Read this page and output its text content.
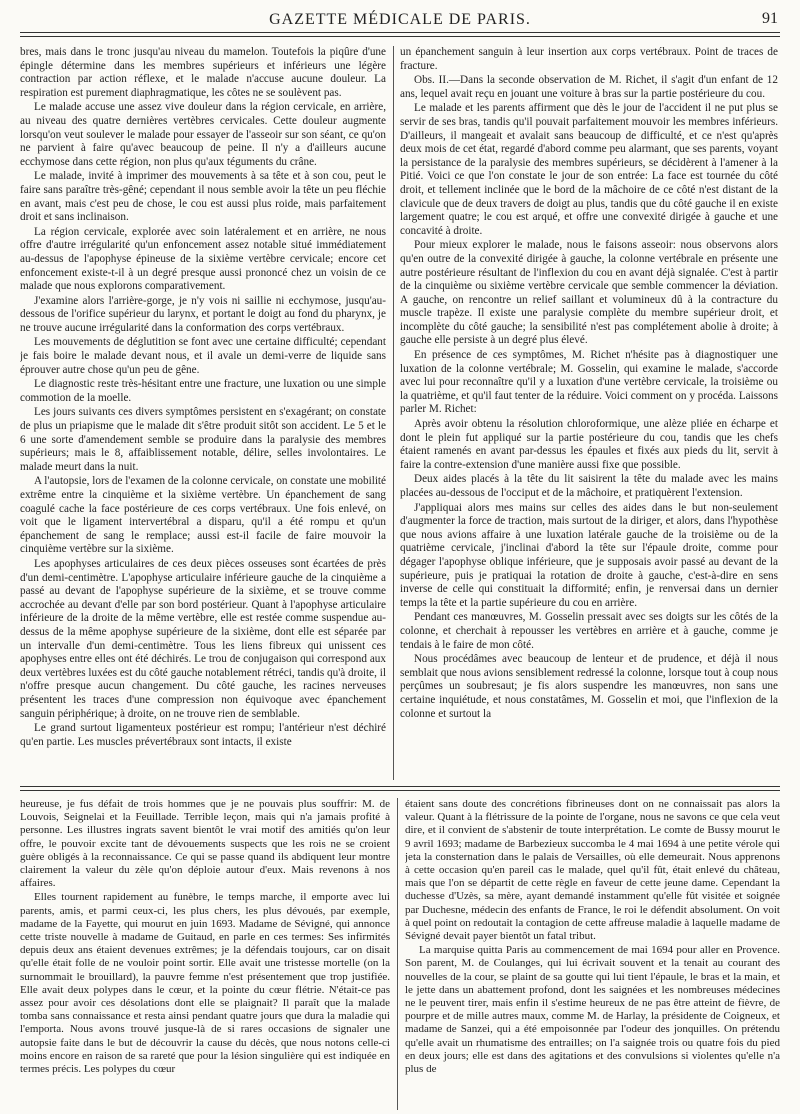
GAZETTE MÉDICALE DE PARIS.	91

bres, mais dans le tronc jusqu'au niveau du mamelon. Toutefois la piqûre d'une épingle détermine dans les membres supérieurs et inférieurs une légère contraction par action réflexe, et le malade n'accuse aucune douleur. La respiration est purement diaphragmatique, les côtes ne se soulèvent pas.

Le malade accuse une assez vive douleur dans la région cervicale, en arrière, au niveau des quatre dernières vertèbres cervicales. Cette douleur augmente lorsqu'on veut soulever le malade pour essayer de l'asseoir sur son séant, ce qu'on ne parvient à faire qu'avec beaucoup de peine. Il n'y a d'ailleurs aucune ecchymose dans cette région, non plus qu'aux téguments du crâne.

Le malade, invité à imprimer des mouvements à sa tête et à son cou, peut le faire sans paraître très-gêné; cependant il nous semble avoir la tête un peu fléchie en avant, mais c'est peu de chose, le cou est aussi plus roide, mais parfaitement droit et sans inclinaison.

La région cervicale, explorée avec soin latéralement et en arrière, ne nous offre d'autre irrégularité qu'un enfoncement assez notable situé immédiatement au-dessus de l'apophyse épineuse de la sixième vertèbre cervicale; encore cet enfoncement existe-t-il à un degré presque aussi prononcé chez un voisin de ce malade que nous explorons comparativement.

J'examine alors l'arrière-gorge, je n'y vois ni saillie ni ecchymose, jusqu'au-dessous de l'orifice supérieur du larynx, et portant le doigt au fond du pharynx, je ne trouve aucune irrégularité dans la conformation des corps vertébraux.

Les mouvements de déglutition se font avec une certaine difficulté; cependant je fais boire le malade devant nous, et il avale un demi-verre de liquide sans éprouver autre chose qu'un peu de gêne.

Le diagnostic reste très-hésitant entre une fracture, une luxation ou une simple commotion de la moelle.

Les jours suivants ces divers symptômes persistent en s'exagérant; on constate de plus un priapisme que le malade dit s'être produit sitôt son accident. Le 5 et le 6 une sorte d'amendement semble se produire dans la paralysie des membres supérieurs; mais le 8, affaiblissement notable, délire, selles involontaires. Le malade meurt dans la nuit.

A l'autopsie, lors de l'examen de la colonne cervicale, on constate une mobilité extrême entre la cinquième et la sixième vertèbre. Un épanchement de sang coagulé cache la face postérieure de ces corps vertébraux. Une fois enlevé, on voit que le ligament intervertébral a disparu, qu'il a été rompu et qu'un épanchement de sang le remplace; aussi est-il facile de faire mouvoir la cinquième vertèbre sur la sixième.

Les apophyses articulaires de ces deux pièces osseuses sont écartées de près d'un demi-centimètre. L'apophyse articulaire inférieure gauche de la cinquième a passé au devant de l'apophyse supérieure de la sixième, et se trouve comme accrochée au devant d'elle par son bord postérieur. Quant à l'apophyse articulaire inférieure de la droite de la même vertèbre, elle est restée comme suspendue au-dessus de la même apophyse supérieure de la sixième, dont elle est séparée par un intervalle d'un demi-centimètre. Tous les liens fibreux qui unissent ces apophyses entre elles ont été déchirés. Le trou de conjugaison qui correspond aux deux vertèbres luxées est du côté gauche notablement rétréci, tandis qu'à droite, il n'offre presque aucun changement. Du côté gauche, les racines nerveuses présentent les traces d'une compression non équivoque avec épanchement sanguin périphérique; à droite, on ne trouve rien de semblable.

Le grand surtout ligamenteux postérieur est rompu; l'antérieur n'est déchiré qu'en partie. Les muscles prévertébraux sont intacts, il existe

un épanchement sanguin à leur insertion aux corps vertébraux. Point de traces de fracture.

Obs. II.—Dans la seconde observation de M. Richet, il s'agit d'un enfant de 12 ans, lequel avait reçu en jouant une voiture à bras sur la partie postérieure du cou.

Le malade et les parents affirment que dès le jour de l'accident il ne put plus se servir de ses bras, tandis qu'il pouvait parfaitement mouvoir les membres inférieurs. D'ailleurs, il mangeait et avalait sans beaucoup de difficulté, et ce n'est qu'après deux mois de cet état, regardé d'abord comme peu alarmant, que ses parents, voyant la persistance de la paralysie des membres supérieurs, se décidèrent à l'amener à la Pitié. Voici ce que l'on constate le jour de son entrée: La face est tournée du côté droit, et tellement inclinée que le bord de la mâchoire de ce côté n'est distant de la clavicule que de deux travers de doigt au plus, tandis que du côté gauche il en existe largement quatre; le cou est arqué, et offre une convexité dirigée à gauche et une concavité à droite.

Pour mieux explorer le malade, nous le faisons asseoir: nous observons alors qu'en outre de la convexité dirigée à gauche, la colonne vertébrale en présente une autre postérieure résultant de l'inflexion du cou en avant déjà signalée. C'est à partir de la cinquième ou sixième vertèbre cervicale que semble commencer la déviation. A gauche, on rencontre un relief saillant et volumineux dû à la contracture du muscle trapèze. Il existe une paralysie complète du membre supérieur droit, et incomplète du côté gauche; la sensibilité n'est pas complétement abolie à droite; à gauche elle persiste à un degré plus élevé.

En présence de ces symptômes, M. Richet n'hésite pas à diagnostiquer une luxation de la colonne vertébrale; M. Gosselin, qui examine le malade, s'accorde avec lui pour reconnaître qu'il y a luxation d'une vertèbre cervicale, la troisième ou la quatrième, et qu'il faut tenter de la réduire. Voici comment on y procéda. Laissons parler M. Richet:

Après avoir obtenu la résolution chloroformique, une alèze pliée en écharpe et dont le plein fut appliqué sur la partie postérieure du cou, tandis que les chefs étaient ramenés en avant par-dessus les épaules et fixés aux pieds du lit, servit à faire la contre-extension d'une manière aussi fixe que possible.

Deux aides placés à la tête du lit saisirent la tête du malade avec les mains placées au-dessous de l'occiput et de la mâchoire, et pratiquèrent l'extension.

J'appliquai alors mes mains sur celles des aides dans le but non-seulement d'augmenter la force de traction, mais surtout de la diriger, et alors, dans l'hypothèse que nous avions affaire à une luxation latérale gauche de la troisième ou de la quatrième cervicale, j'inclinai d'abord la tête sur l'épaule droite, comme pour dégager l'apophyse oblique inférieure, que je supposais avoir passé au devant de la supérieure, puis je pratiquai la rotation de droite à gauche, c'est-à-dire en sens inverse de celle qui constituait la difformité; enfin, je renversai dans un dernier temps la tête et la partie supérieure du cou en arrière.

Pendant ces manœuvres, M. Gosselin pressait avec ses doigts sur les côtés de la colonne, et cherchait à repousser les vertèbres en arrière et à gauche, comme je tendais à le faire de mon côté.

Nous procédâmes avec beaucoup de lenteur et de prudence, et déjà il nous semblait que nous avions sensiblement redressé la colonne, lorsque tout à coup nous perçûmes un soubresaut; je fis alors suspendre les manœuvres, non sans une certaine inquiétude, et nous constatâmes, M. Gosselin et moi, que l'inflexion de la colonne et surtout la

heureuse, je fus défait de trois hommes que je ne pouvais plus souffrir: M. de Louvois, Seignelai et la Feuillade. Terrible leçon, mais qui n'a jamais profité à personne. Les illustres ingrats savent bientôt le vrai motif des amitiés qu'on leur offre, le pouvoir excite tant de dévouements suspects que les rois ne se croient guère obligés à la reconnaissance. Ce qui se passe quand ils abdiquent leur montre clairement la valeur du zèle qu'on déploie autour d'eux. Mais revenons à nos affaires.

Elles tournent rapidement au funèbre, le temps marche, il emporte avec lui parents, amis, et parmi ceux-ci, les plus chers, les plus dévoués, par exemple, madame de la Fayette, qui mourut en juin 1693. Madame de Sévigné, qui annonce cette triste nouvelle à madame de Guitaud, en parle en ces termes: Ses infirmités depuis deux ans étaient devenues extrêmes; je la défendais toujours, car on disait qu'elle était folle de ne vouloir point sortir. Elle avait une tristesse mortelle (on la surnommait le brouillard), la pauvre femme n'est présentement que trop justifiée. Elle avait deux polypes dans le cœur, et la pointe du cœur flétrie. N'était-ce pas assez pour avoir ces désolations dont elle se plaignait? Il paraît que la malade tomba sans connaissance et resta ainsi pendant quatre jours que dura la maladie qui l'emporta. Nous avons trouvé jusque-là de si rares occasions de signaler une autopsie faite dans le but de découvrir la cause du décès, que nous notons celle-ci moins encore en raison de sa rareté que pour la lésion singulière qui est indiquée en termes précis. Les polypes du cœur

étaient sans doute des concrétions fibrineuses dont on ne connaissait pas alors la valeur. Quant à la flétrissure de la pointe de l'organe, nous ne savons ce que cela veut dire, et il convient de s'abstenir de toute interprétation. Le comte de Bussy mourut le 9 avril 1693; madame de Barbezieux succomba le 4 mai 1694 à une petite vérole qui jeta la consternation dans le palais de Versailles, où elle demeurait. Nous apprenons à cette occasion qu'en pareil cas le malade, quel qu'il fût, était enlevé du château, mais que l'on se départit de cette règle en faveur de cette jeune dame. Cependant la duchesse d'Uzès, sa mère, ayant demandé instamment qu'elle fût visitée et soignée par Duchesne, médecin des enfants de France, le roi le défendit absolument. On voit à quel point on redoutait la contagion de cette affreuse maladie à laquelle madame de Sévigné devait payer bientôt un fatal tribut.

La marquise quitta Paris au commencement de mai 1694 pour aller en Provence. Son parent, M. de Coulanges, qui lui écrivait souvent et la tenait au courant des nouvelles de la cour, se plaint de sa goutte qui lui tient l'épaule, le bras et la main, et le jette dans un abattement profond, dont les saignées et les nombreuses médecines ne le peuvent tirer, mais enfin il s'estime heureux de ne pas être atteint de fièvre, de pourpre et de mille autres maux, comme M. de Harlay, la présidente de Coigneux, et madame de Sanzei, qui a été empoisonnée par l'odeur des jonquilles. On prétendu qu'elle avait un rhumatisme des entrailles; on l'a saignée trois ou quatre fois du pied en deux jours; elle est dans des agitations et des convulsions si violentes qu'elle n'a plus de
